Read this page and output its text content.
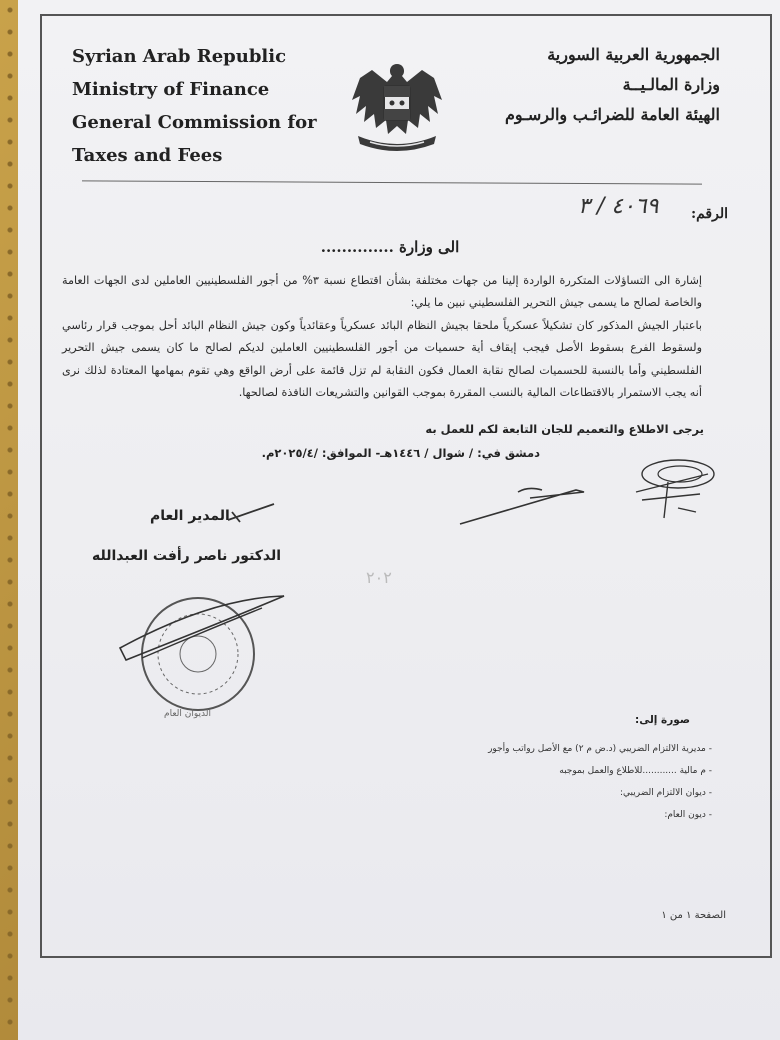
Syrian Arab Republic
Ministry of Finance
General Commission for
Taxes and Fees
الجمهورية العربية السورية
وزارة المالـيــة
الهيئة العامة للضرائـب والرسـوم
الرقم:
٤٠٦٩ / ٣
الى وزارة ..............

إشارة الى التساؤلات المتكررة الواردة إلينا من جهات مختلفة بشأن اقتطاع نسبة ٣% من أجور الفلسطينيين العاملين لدى الجهات العامة والخاصة لصالح ما يسمى جيش التحرير الفلسطيني نبين ما يلي:

باعتبار الجيش المذكور كان تشكيلاً عسكرياً ملحقا بجيش النظام البائد عسكرياً وعقائدياً وكون جيش النظام البائد أحل بموجب قرار رئاسي ولسقوط الفرع بسقوط الأصل فيجب إيقاف أية حسميات من أجور الفلسطينيين العاملين لديكم لصالح ما كان يسمى جيش التحرير الفلسطيني وأما بالنسبة للحسميات لصالح نقابة العمال فكون النقابة لم تزل قائمة على أرض الواقع وهي تقوم بمهامها المعتادة لذلك نرى أنه يجب الاستمرار بالاقتطاعات المالية بالنسب المقررة بموجب القوانين والتشريعات النافذة لصالحها.

يرجى الاطلاع والتعميم للجان التابعة لكم للعمل به
دمشق في: / شوال / ١٤٤٦هـ- الموافق: /٢٠٢٥/٤م.
المدير العام
الدكتور ناصر رأفت العبدالله
٢٠٢
الديوان العام	صورة إلى:
- مديرية الالتزام الضريبي (د.ض م ٢) مع الأصل رواتب وأجور
- م مالية ............للاطلاع والعمل بموجبه
- ديوان الالتزام الضريبي:
- ديون العام:
الصفحة ١ من ١
